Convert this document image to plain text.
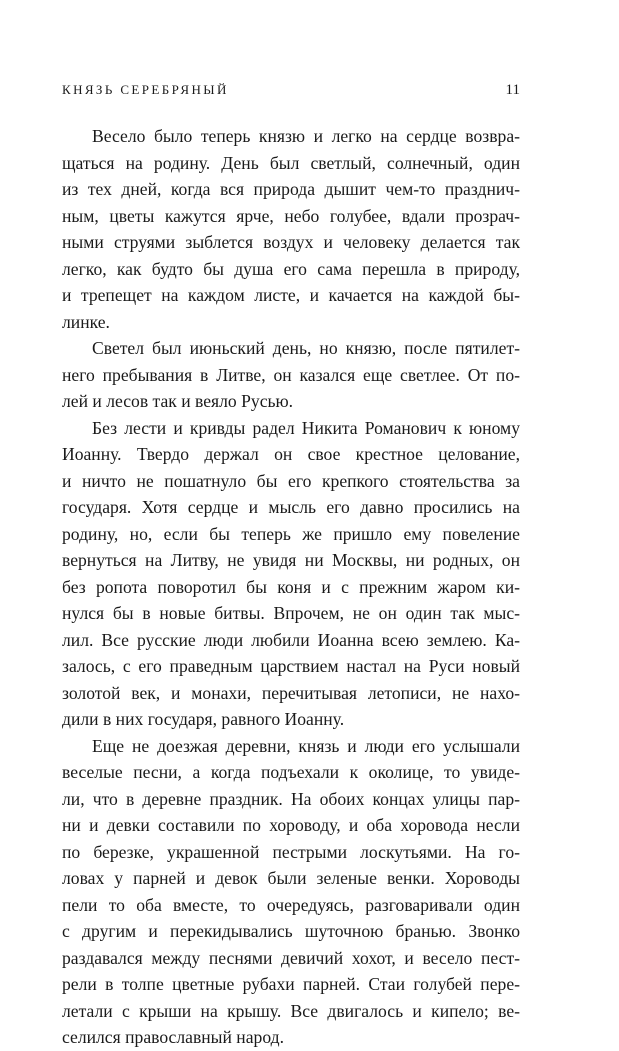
КНЯЗЬ СЕРЕБРЯНЫЙ	11
Весело было теперь князю и легко на сердце возвра-
щаться на родину. День был светлый, солнечный, один
из тех дней, когда вся природа дышит чем-то празднич-
ным, цветы кажутся ярче, небо голубее, вдали прозрач-
ными струями зыблется воздух и человеку делается так
легко, как будто бы душа его сама перешла в природу,
и трепещет на каждом листе, и качается на каждой бы-
линке.
Светел был июньский день, но князю, после пятилет-
него пребывания в Литве, он казался еще светлее. От по-
лей и лесов так и веяло Русью.
Без лести и кривды радел Никита Романович к юному
Иоанну. Твердо держал он свое крестное целование,
и ничто не пошатнуло бы его крепкого стоятельства за
государя. Хотя сердце и мысль его давно просились на
родину, но, если бы теперь же пришло ему повеление
вернуться на Литву, не увидя ни Москвы, ни родных, он
без ропота поворотил бы коня и с прежним жаром ки-
нулся бы в новые битвы. Впрочем, не он один так мыс-
лил. Все русские люди любили Иоанна всею землею. Ка-
залось, с его праведным царствием настал на Руси новый
золотой век, и монахи, перечитывая летописи, не нахо-
дили в них государя, равного Иоанну.
Еще не доезжая деревни, князь и люди его услышали
веселые песни, а когда подъехали к околице, то увиде-
ли, что в деревне праздник. На обоих концах улицы пар-
ни и девки составили по хороводу, и оба хоровода несли
по березке, украшенной пестрыми лоскутьями. На го-
ловах у парней и девок были зеленые венки. Хороводы
пели то оба вместе, то очередуясь, разговаривали один
с другим и перекидывались шуточною бранью. Звонко
раздавался между песнями девичий хохот, и весело пест-
рели в толпе цветные рубахи парней. Стаи голубей пере-
летали с крыши на крышу. Все двигалось и кипело; ве-
селился православный народ.
